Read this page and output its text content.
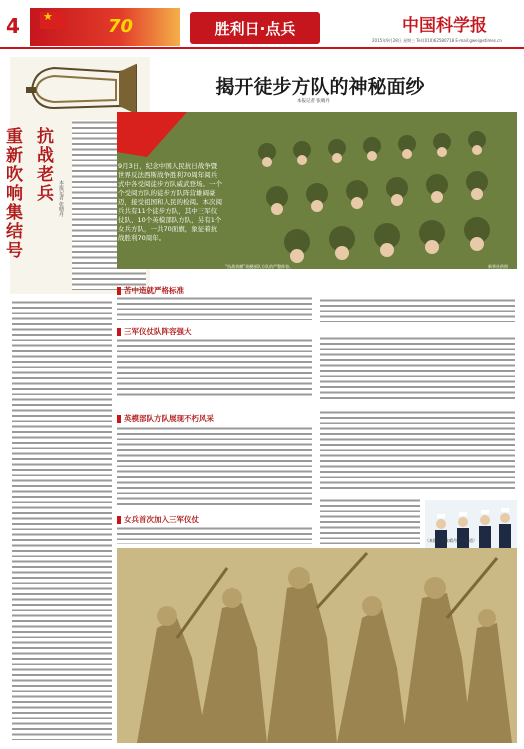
4 ★	70	胜利日·点兵	中国科学报
2015年9月28日 星期三 Tel:(010)62580718 E-mail:gwei@stimes.cn
抗战老兵
重新吹响集结号	本报记者 张晴丹
揭开徒步方队的神秘面纱
本报记者 张晴丹
9月3日，纪念中国人民抗日战争暨世界反法西斯战争胜利70周年阅兵式中各受阅徒步方队威武登场。一个个受阅方队的徒步方队阵营雄阔豪迈，接受祖国和人民的检阅。本次阅兵共有11个徒步方队，其中三军仪仗队、10个英模部队方队，另有1个女兵方队，一共70面旗，象征着抗战胜利70周年。
“抗战英模”英模部队方队的严整阵容。	新华社供图
苦中造就严格标准
三军仪仗队阵容强大
英模部队方队展现不朽风采
女兵首次加入三军仪仗
（本报记者张晴丹综合报道）
